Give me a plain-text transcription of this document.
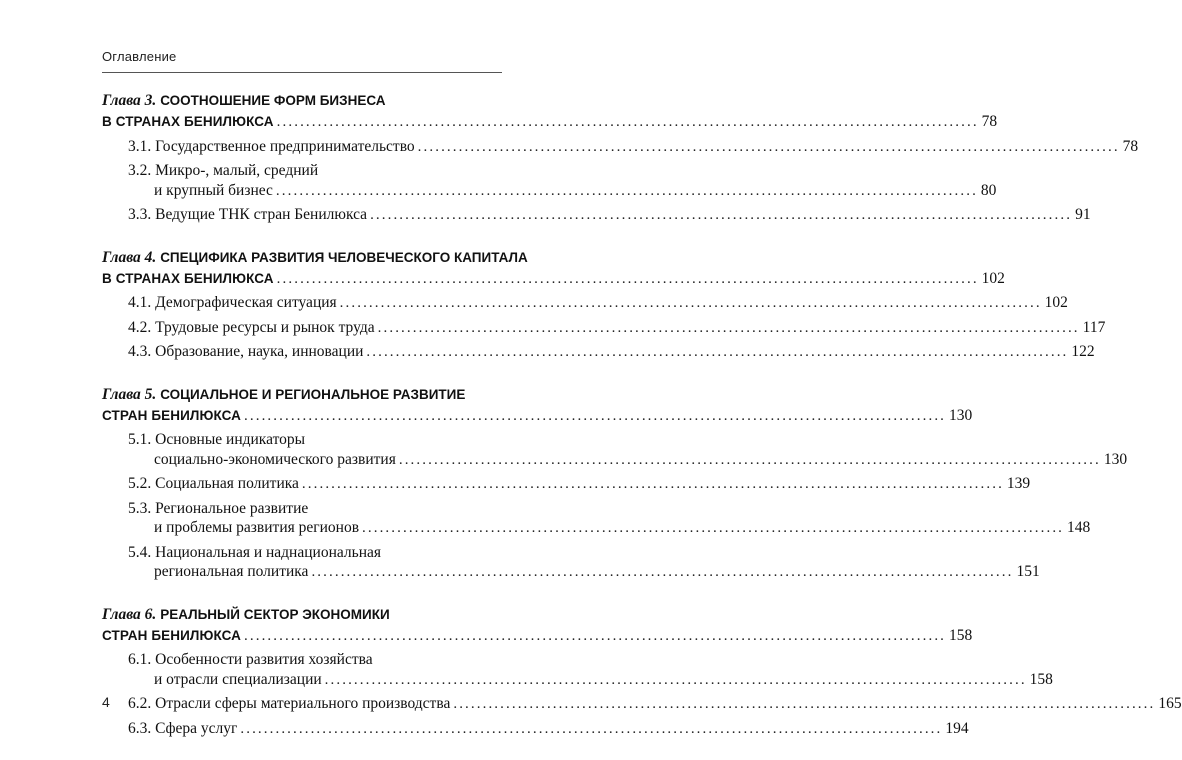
Оглавление
Глава 3. СООТНОШЕНИЕ ФОРМ БИЗНЕСА
В СТРАНАХ БЕНИЛЮКСА ........................................................................................................................ 78
3.1. Государственное предпринимательство ........................................................................................................................ 78
3.2. Микро-, малый, средний
и крупный бизнес ........................................................................................................................ 80
3.3. Ведущие ТНК стран Бенилюкса ........................................................................................................................ 91
Глава 4. СПЕЦИФИКА РАЗВИТИЯ ЧЕЛОВЕЧЕСКОГО КАПИТАЛА
В СТРАНАХ БЕНИЛЮКСА ........................................................................................................................ 102
4.1. Демографическая ситуация ........................................................................................................................ 102
4.2. Трудовые ресурсы и рынок труда ........................................................................................................................ 117
4.3. Образование, наука, инновации ........................................................................................................................ 122
Глава 5. СОЦИАЛЬНОЕ И РЕГИОНАЛЬНОЕ РАЗВИТИЕ
СТРАН БЕНИЛЮКСА ........................................................................................................................ 130
5.1. Основные индикаторы
социально-экономического развития ........................................................................................................................ 130
5.2. Социальная политика ........................................................................................................................ 139
5.3. Региональное развитие
и проблемы развития регионов ........................................................................................................................ 148
5.4. Национальная и наднациональная
региональная политика ........................................................................................................................ 151
Глава 6. РЕАЛЬНЫЙ СЕКТОР ЭКОНОМИКИ
СТРАН БЕНИЛЮКСА ........................................................................................................................ 158
6.1. Особенности развития хозяйства
и отрасли специализации ........................................................................................................................ 158
6.2. Отрасли сферы материального производства ........................................................................................................................ 165
6.3. Сфера услуг ........................................................................................................................ 194
4
